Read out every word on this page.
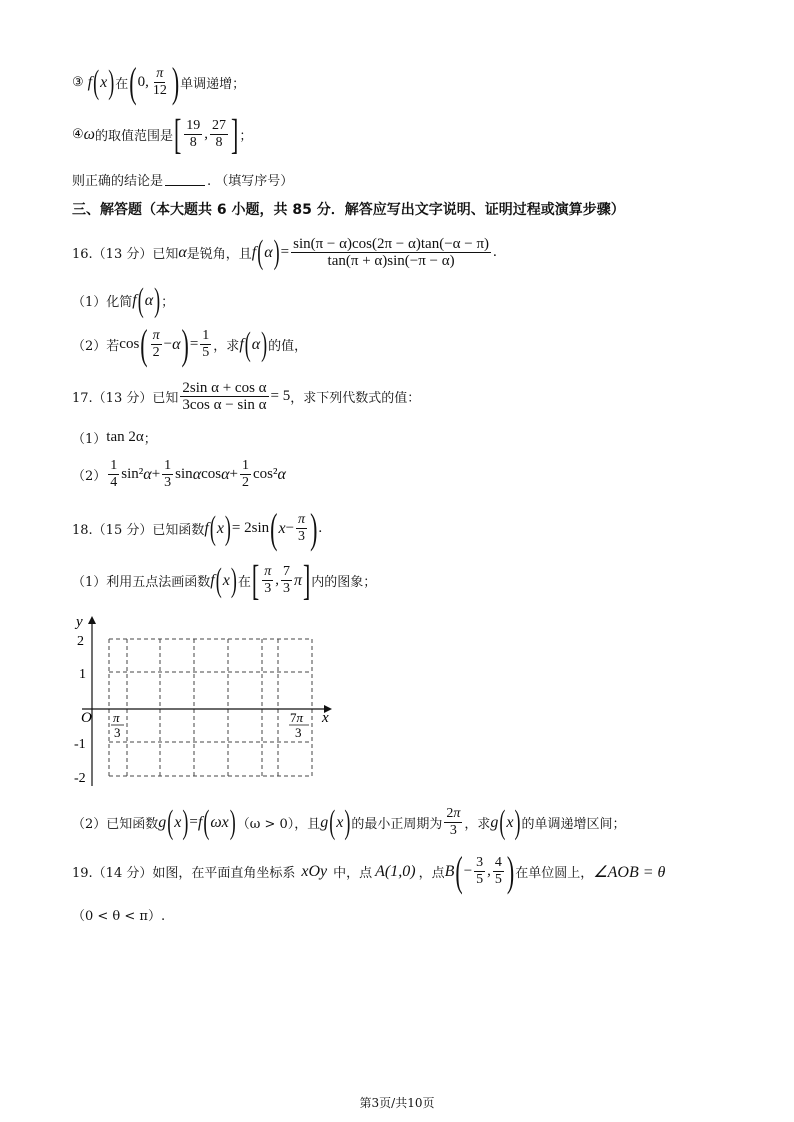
③ f ( x ) 在 ( 0, $\frac{\pi}{12}$ ) 单调递增；
④ ω 的取值范围是 [ $\frac{19}{8}$ , $\frac{27}{8}$ ] ；
则正确的结论是	. （填写序号）
三、解答题（本大题共 6 小题，共 85 分．解答应写出文字说明、证明过程或演算步骤）
16.（13 分）已知 α 是锐角，且 f ( α ) = $\frac{\sin(\pi - \alpha)\cos(2\pi - \alpha)\tan(-\alpha - \pi)}{\tan(\pi + \alpha)\sin(-\pi - \alpha)}$ .
（1）化简 f ( α ) ；
（2）若 cos ( $\frac{\pi}{2} - \alpha$ ) = $\frac{1}{5}$ ，求 f ( α ) 的值，
17.（13 分）已知 $\frac{\text{2sin α + cos α}}{\text{3cos α − sin α}} = 5$ ，求下列代数式的值：
（1） tan 2α ；
$(2) \frac{1}{4} \sin^2$ $\alpha + \frac{1}{3}$ sin α $\cos \alpha + \frac{1}{2} \cos^2$ α
18.（15 分）已知函数 f ( x ) = 2sin ( $x - \frac{\pi}{3}$ ) .
（1）利用五点法画函数 f ( x ) 在 [ $\frac{\pi}{3}$ , $\frac{7}{3}$ π ] 内的图象；
y
x
O
2
1
-1
-2
π
3
7π
3
（2）已知函数 g ( x ) = f ( ωx ) （ω > 0），且 g ( x ) 的最小正周期为 $\frac{2\pi}{3}$ ，求 g ( x ) 的单调递增区间；
19.（14 分）如图，在平面直角坐标系 xOy 中，点 A(1,0) ，点 B ( − $\frac{3}{5}$ , $\frac{4}{5}$ ) 在单位圆上， ∠AOB = θ
（0 < θ < π）.
第3页/共10页
